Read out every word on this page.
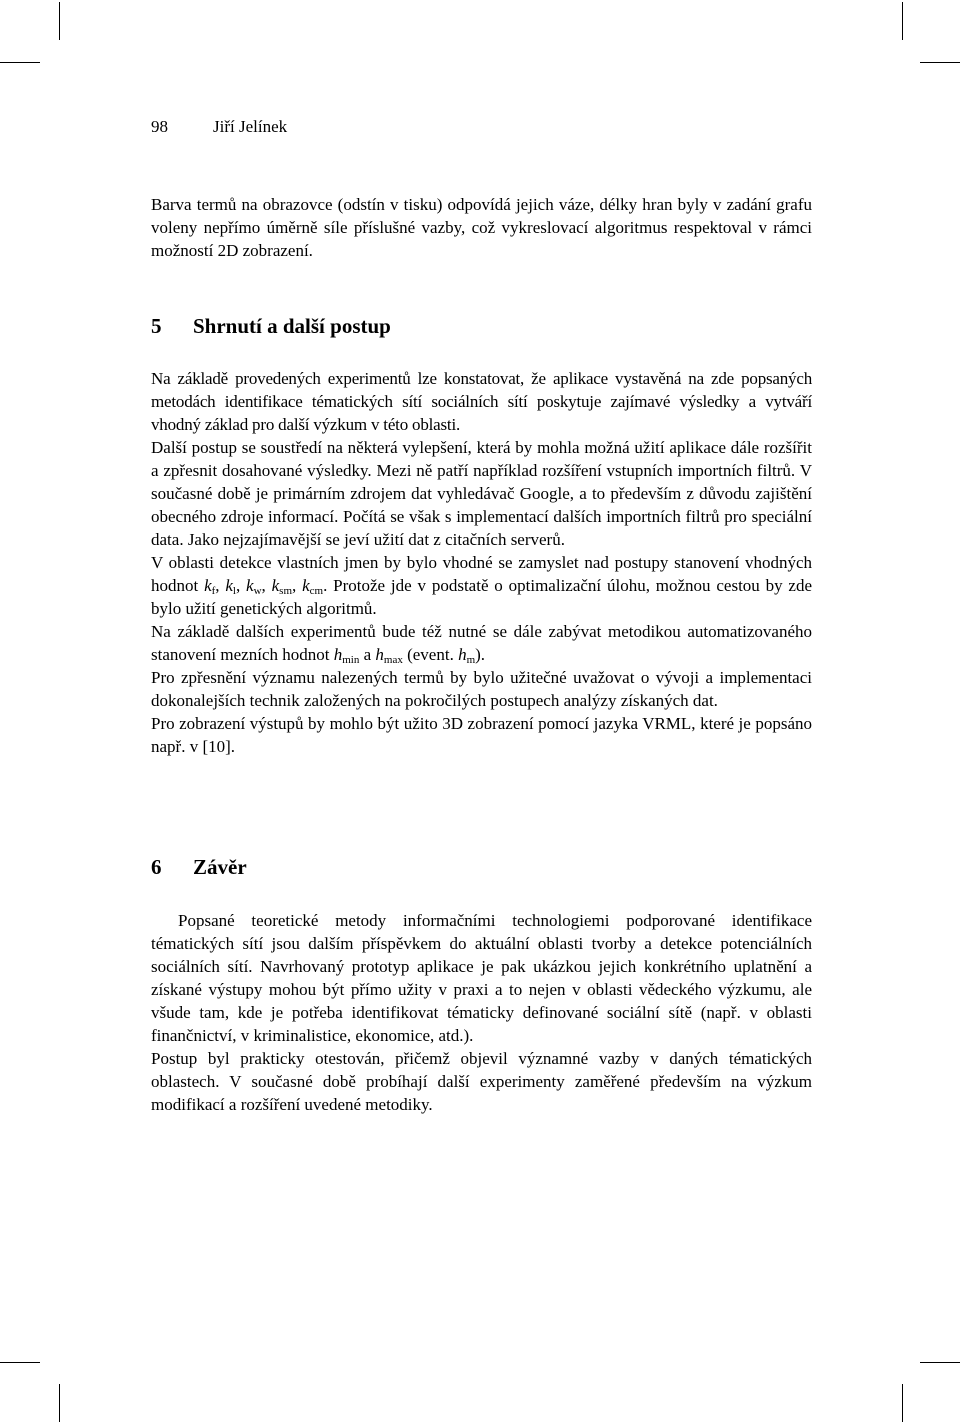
98	Jiří Jelínek

Barva termů na obrazovce (odstín v tisku) odpovídá jejich váze, délky hran byly v zadání grafu voleny nepřímo úměrně síle příslušné vazby, což vykreslovací algoritmus respektoval v rámci možností 2D zobrazení.

5 Shrnutí a další postup

Na základě provedených experimentů lze konstatovat, že aplikace vystavěná na zde popsaných metodách identifikace tématických sítí sociálních sítí poskytuje zajímavé výsledky a vytváří vhodný základ pro další výzkum v této oblasti.

Další postup se soustředí na některá vylepšení, která by mohla možná užití aplikace dále rozšířit a zpřesnit dosahované výsledky. Mezi ně patří například rozšíření vstupních importních filtrů. V současné době je primárním zdrojem dat vyhledávač Google, a to především z důvodu zajištění obecného zdroje informací. Počítá se však s implementací dalších importních filtrů pro speciální data. Jako nejzajímavější se jeví užití dat z citačních serverů.

V oblasti detekce vlastních jmen by bylo vhodné se zamyslet nad postupy stanovení vhodných hodnot $k_f$, $k_l$, $k_w$, $k_{sm}$, $k_{cm}$. Protože jde v podstatě o optimalizační úlohu, možnou cestou by zde bylo užití genetických algoritmů.

Na základě dalších experimentů bude též nutné se dále zabývat metodikou automatizovaného stanovení mezních hodnot $h_{min}$ a $h_{max}$ (event. $h_m$).

Pro zpřesnění významu nalezených termů by bylo užitečné uvažovat o vývoji a implementaci dokonalejších technik založených na pokročilých postupech analýzy získaných dat.

Pro zobrazení výstupů by mohlo být užito 3D zobrazení pomocí jazyka VRML, které je popsáno např. v [10].

6 Závěr

Popsané teoretické metody informačními technologiemi podporované identifikace tématických sítí jsou dalším příspěvkem do aktuální oblasti tvorby a detekce potenciálních sociálních sítí. Navrhovaný prototyp aplikace je pak ukázkou jejich konkrétního uplatnění a získané výstupy mohou být přímo užity v praxi a to nejen v oblasti vědeckého výzkumu, ale všude tam, kde je potřeba identifikovat tématicky definované sociální sítě (např. v oblasti finančnictví, v kriminalistice, ekonomice, atd.).

Postup byl prakticky otestován, přičemž objevil významné vazby v daných tématických oblastech. V současné době probíhají další experimenty zaměřené především na výzkum modifikací a rozšíření uvedené metodiky.
